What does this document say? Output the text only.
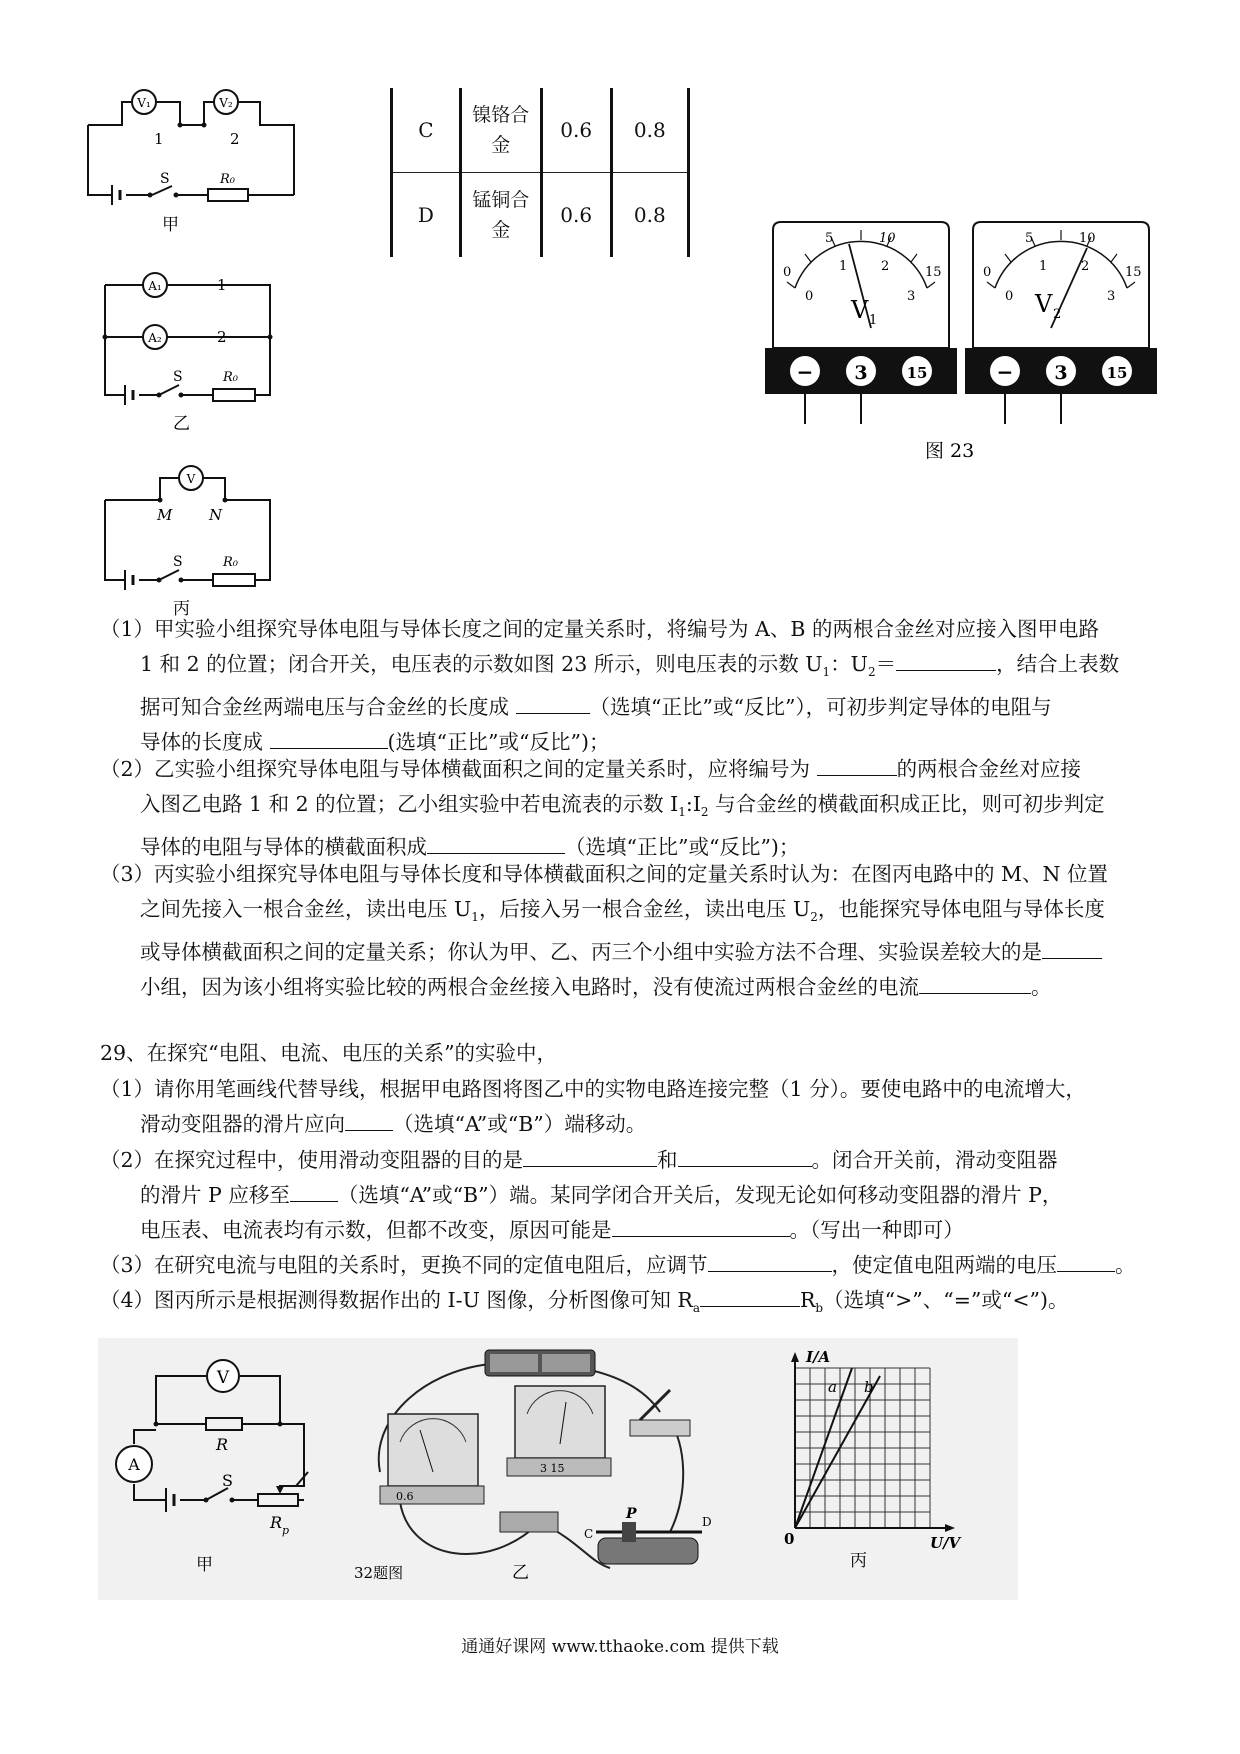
V₁	V₂
1	2
S	R₀
甲
A₁
A₂
1
2
S	R₀
乙
V
M N
S	R₀
丙
C	镍铬合金	0.6	0.8
D	锰铜合金	0.6	0.8
0
5	10
15
0
1	2
3
V 1
− 3	15
0
5	10
15
0
1	2
3
V 2
− 3	15
图 23
（1）甲实验小组探究导体电阻与导体长度之间的定量关系时，将编号为 A、B 的两根合金丝对应接入图甲电路
1 和 2 的位置；闭合开关，电压表的示数如图 23 所示，则电压表的示数 $U_1$：$U_2=$	，结合上表数
据可知合金丝两端电压与合金丝的长度成	（选填“正比”或“反比”），可初步判定导体的电阻与
导体的长度成	(选填“正比”或“反比”)；
（2）乙实验小组探究导体电阻与导体横截面积之间的定量关系时，应将编号为	的两根合金丝对应接
入图乙电路 1 和 2 的位置；乙小组实验中若电流表的示数 $I_1:I_2$ 与合金丝的横截面积成正比，则可初步判定
导体的电阻与导体的横截面积成	（选填“正比”或“反比”)；
（3）丙实验小组探究导体电阻与导体长度和导体横截面积之间的定量关系时认为：在图丙电路中的 M、N 位置
之间先接入一根合金丝，读出电压 $U_1$，后接入另一根合金丝，读出电压 $U_2$，也能探究导体电阻与导体长度
或导体横截面积之间的定量关系；你认为甲、乙、丙三个小组中实验方法不合理、实验误差较大的是
小组，因为该小组将实验比较的两根合金丝接入电路时，没有使流过两根合金丝的电流	。
29、在探究“电阻、电流、电压的关系”的实验中，
（1）请你用笔画线代替导线，根据甲电路图将图乙中的实物电路连接完整（1 分）。要使电路中的电流增大，
滑动变阻器的滑片应向 （选填“A”或“B”）端移动。
（2）在探究过程中，使用滑动变阻器的目的是	和	。闭合开关前，滑动变阻器
的滑片 P 应移至 （选填“A”或“B”）端。某同学闭合开关后，发现无论如何移动变阻器的滑片 P，
电压表、电流表均有示数，但都不改变，原因可能是	。（写出一种即可）
（3）在研究电流与电阻的关系时，更换不同的定值电阻后，应调节	，使定值电阻两端的电压	。
（4）图丙所示是根据测得数据作出的 I-U 图像，分析图像可知 $R_a$	$R_b$（选填“>”、“=”或“<”)。
V
A
R
S
R p
甲
0.6
3 15
P
C
D
32题图	乙
I/A
U/V
0
a b
丙
通通好课网 www.tthaoke.com 提供下载
